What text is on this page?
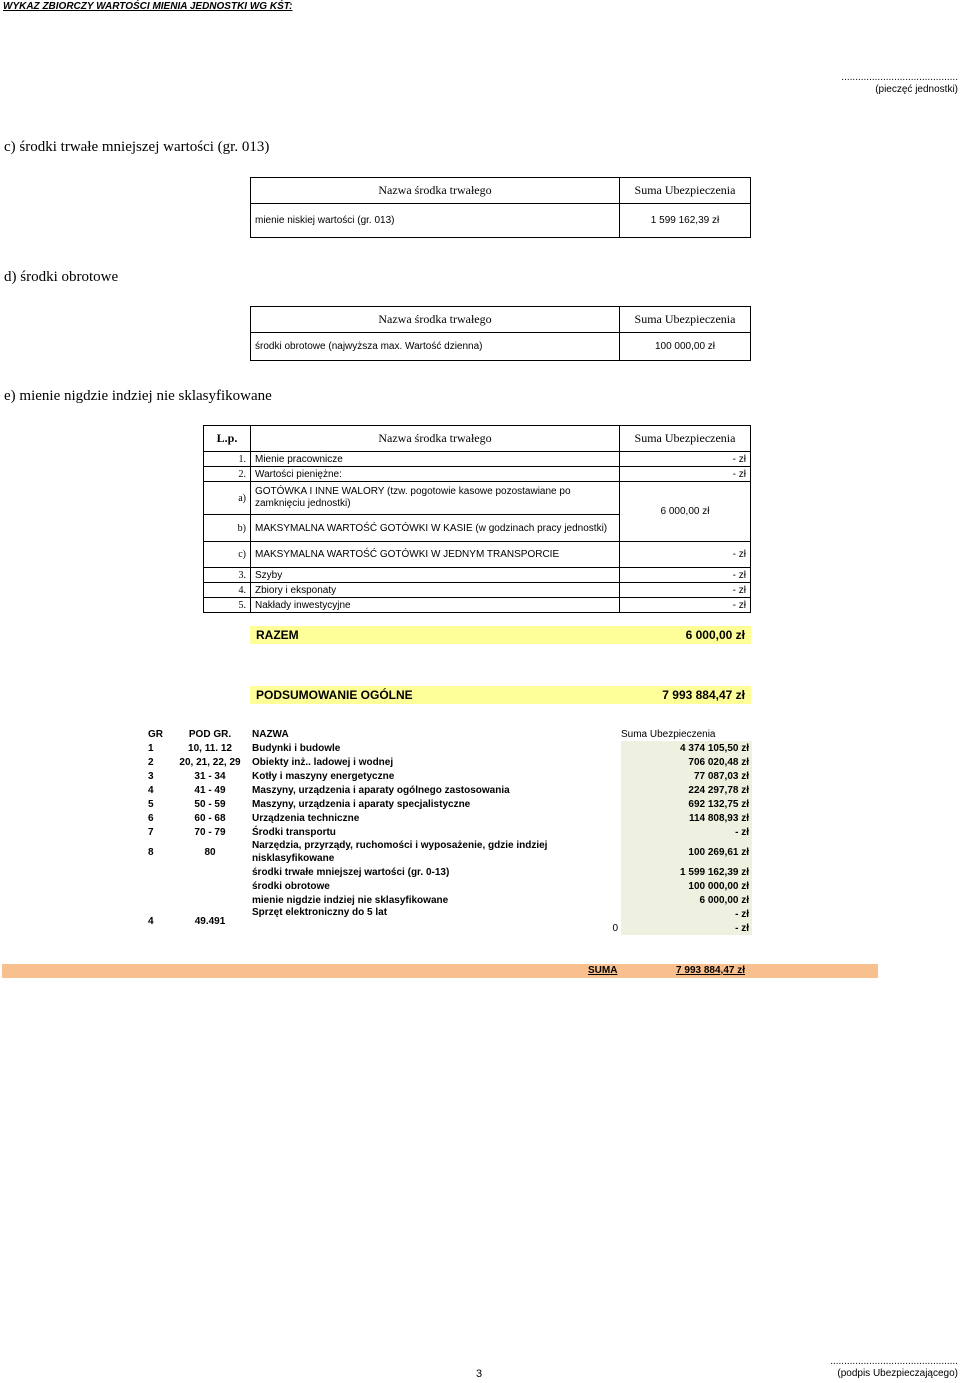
WYKAZ ZBIORCZY WARTOŚCI MIENIA JEDNOSTKI WG KŚT:
..........................................
(pieczęć jednostki)
c) środki trwałe mniejszej wartości (gr. 013)
Nazwa środka trwałego	Suma Ubezpieczenia
mienie niskiej wartości (gr. 013)	1 599 162,39 zł
d) środki obrotowe
Nazwa środka trwałego	Suma Ubezpieczenia
środki obrotowe (najwyższa max. Wartość dzienna)	100 000,00 zł
e) mienie nigdzie indziej nie sklasyfikowane
L.p.	Nazwa środka trwałego	Suma Ubezpieczenia
1.	Mienie pracownicze	- zł
2.	Wartości pieniężne:	- zł
a)	GOTÓWKA I INNE WALORY (tzw. pogotowie kasowe pozostawiane po zamknięciu jednostki)	6 000,00 zł
b)	MAKSYMALNA WARTOŚĆ GOTÓWKI W KASIE (w godzinach pracy jednostki)	
c)	MAKSYMALNA WARTOŚĆ GOTÓWKI W JEDNYM TRANSPORCIE	- zł
3.	Szyby	- zł
4.	Zbiory i eksponaty	- zł
5.	Nakłady inwestycyjne	- zł
RAZEM	6 000,00 zł
PODSUMOWANIE OGÓLNE	7 993 884,47 zł
GR	POD GR.	NAZWA		Suma Ubezpieczenia
1	10, 11. 12	Budynki i budowle		4 374 105,50 zł
2	20, 21, 22, 29	Obiekty inż.. ladowej i wodnej		706 020,48 zł
3	31 - 34	Kotły i maszyny energetyczne		77 087,03 zł
4	41 - 49	Maszyny, urządzenia i aparaty ogólnego zastosowania		224 297,78 zł
5	50 - 59	Maszyny, urządzenia i aparaty specjalistyczne		692 132,75 zł
6	60 - 68	Urządzenia techniczne		114 808,93 zł
7	70 - 79	Środki transportu		- zł
8	80	Narzędzia, przyrządy, ruchomości i wyposażenie, gdzie indziej nisklasyfikowane		100 269,61 zł
		środki trwałe mniejszej wartości (gr. 0-13)		1 599 162,39 zł
		środki obrotowe		100 000,00 zł
		mienie nigdzie indziej nie sklasyfikowane		6 000,00 zł
4	49.491	Sprzęt elektroniczny do 5 lat		- zł
			0	- zł
SUMA	7 993 884,47 zł
3
..............................................
(podpis Ubezpieczającego)
